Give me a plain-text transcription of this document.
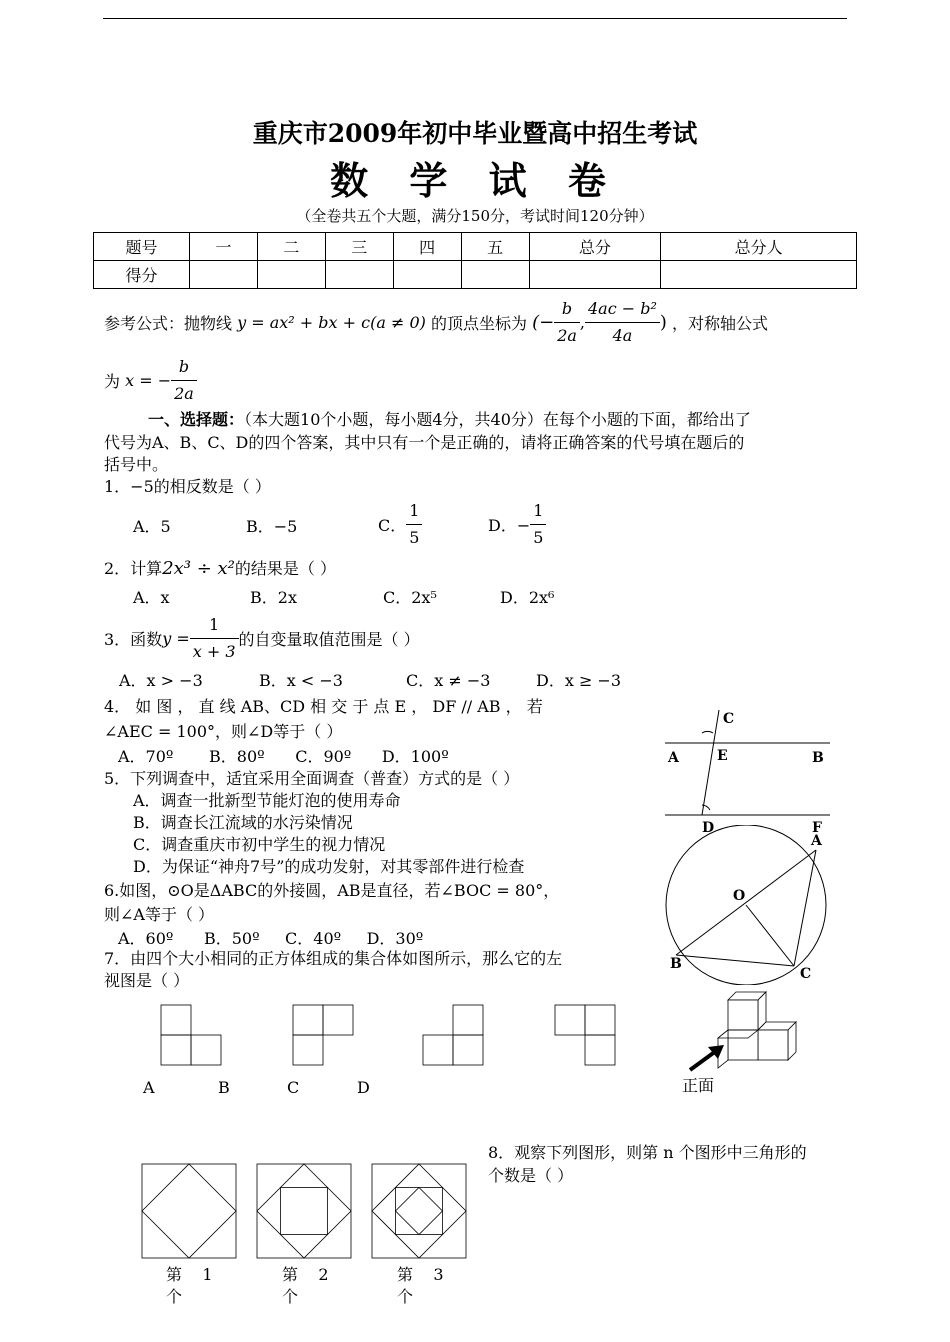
重庆市2009年初中毕业暨高中招生考试
数 学 试 卷
（全卷共五个大题，满分150分，考试时间120分钟）
题号	一	二	三	四	五	总分	总分人
得分							
参考公式：抛物线 y = ax² + bx + c(a ≠ 0) 的顶点坐标为 (− $\frac{b}{2a}$ , $\frac{\text{4ac − b²}}{4a}$ ) ，对称轴公式
为 x = − $\frac{b}{2a}$
一、选择题：（本大题10个小题，每小题4分，共40分）在每个小题的下面，都给出了
代号为A、B、C、D的四个答案，其中只有一个是正确的，请将正确答案的代号填在题后的
括号中。
1．−5的相反数是（ ）
A．5	B．−5	C． $\frac{1}{5}$	D．− $\frac{1}{5}$
2．计算2x³ ÷ x²的结果是（ ）
A．x	B．2x	C．2x⁵	D．2x⁶
3．函数$y = \frac{1}{x + 3}$ 的自变量取值范围是（ ）
A．x > −3	B．x < −3	C．x ≠ −3	D．x ≥ −3
4． 如 图 ， 直 线 AB、CD 相 交 于 点 E ， DF // AB ， 若
∠AEC = 100°，则∠D等于（ ）
A．70º       B．80º      C．90º      D．100º
C
A	E	B
D	F
5．下列调查中，适宜采用全面调查（普查）方式的是（ ）
A．调查一批新型节能灯泡的使用寿命
B．调查长江流域的水污染情况
C．调查重庆市初中学生的视力情况
D．为保证“神舟7号”的成功发射，对其零部件进行检查
6.如图，⊙O是ΔABC的外接圆，AB是直径，若∠BOC = 80°，
则∠A等于（ ）
A．60º      B．50º     C．40º     D．30º
A
O
B
C
7．由四个大小相同的正方体组成的集合体如图所示，那么它的左
视图是（ ）
A	B	C	D	正面
8．观察下列图形，则第 n 个图形中三角形的
个数是（ ）
第    1
个
第    2
个
第    3
个
